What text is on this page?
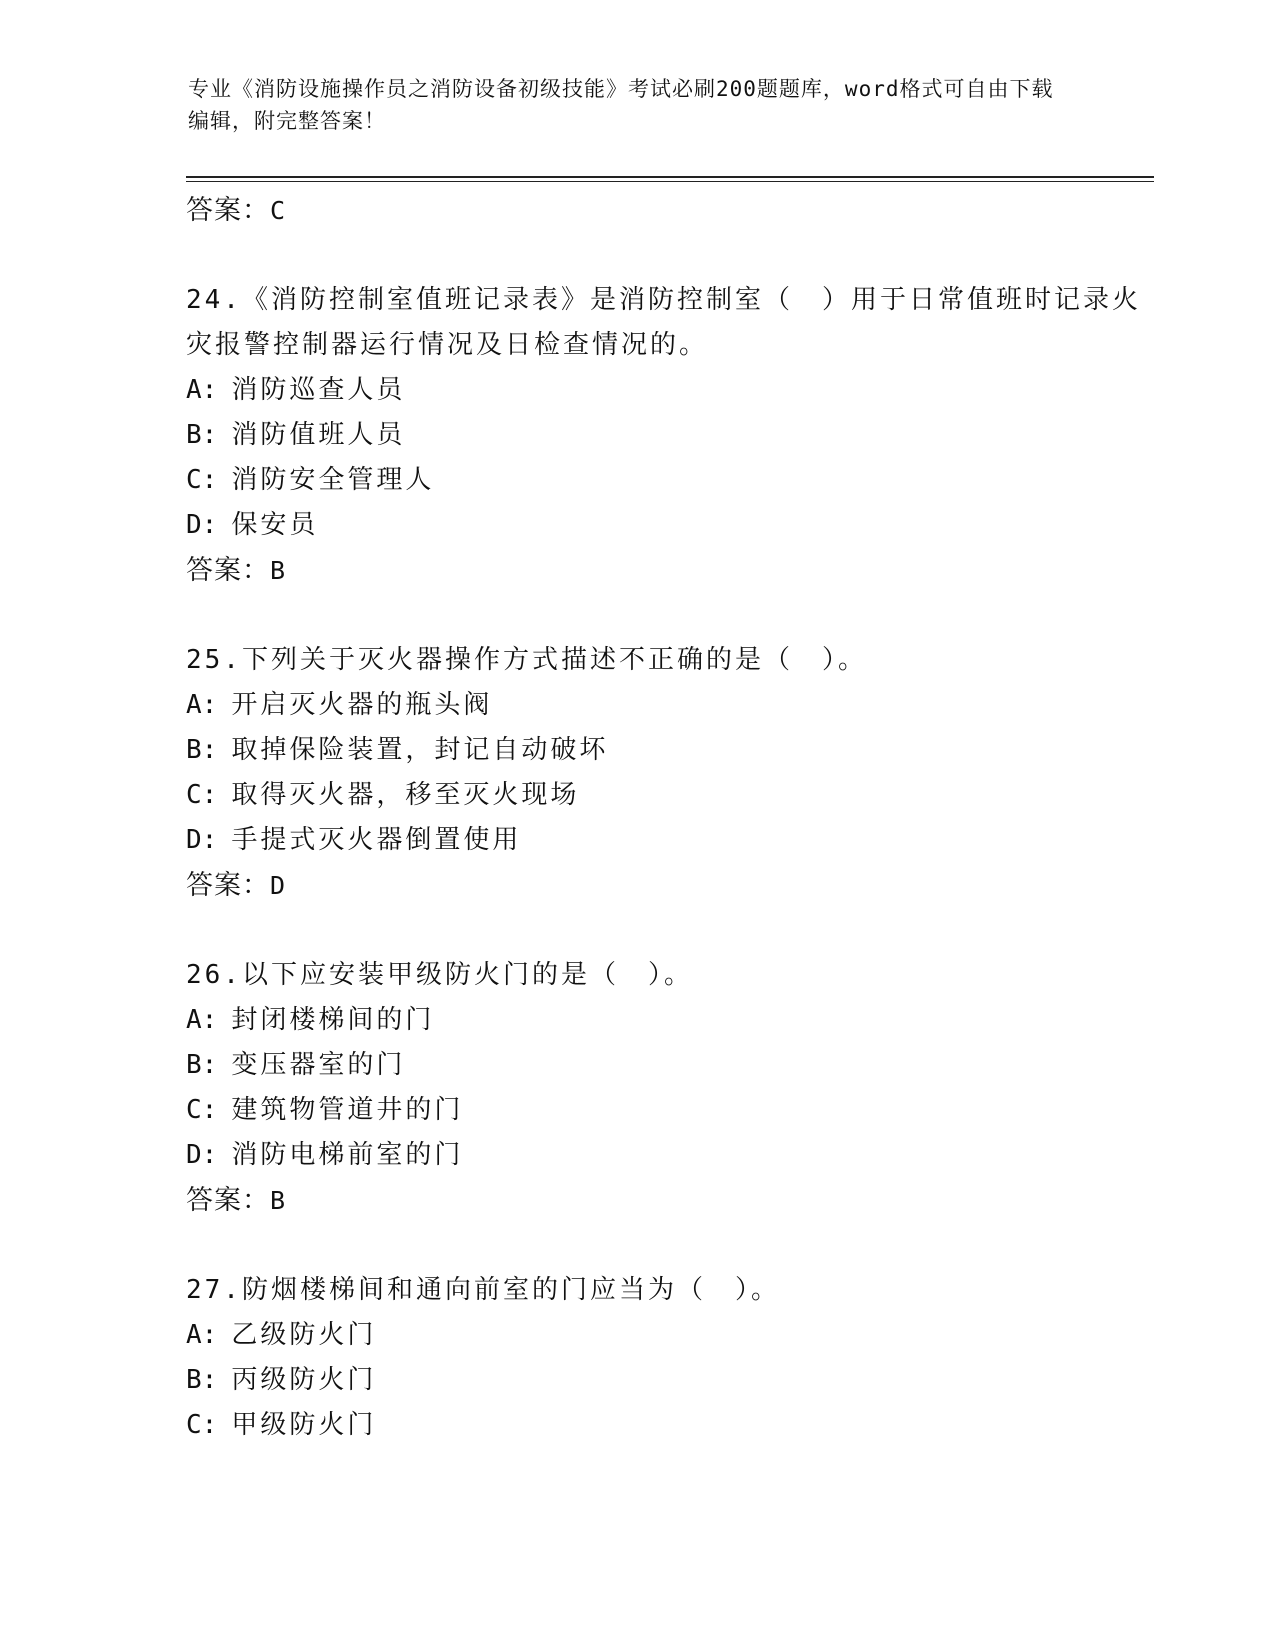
专业《消防设施操作员之消防设备初级技能》考试必刷200题题库，word格式可自由下载编辑，附完整答案！
答案：C
24.《消防控制室值班记录表》是消防控制室（　）用于日常值班时记录火灾报警控制器运行情况及日检查情况的。
A: 消防巡查人员
B: 消防值班人员
C: 消防安全管理人
D: 保安员
答案：B
25.下列关于灭火器操作方式描述不正确的是（　）。
A: 开启灭火器的瓶头阀
B: 取掉保险装置，封记自动破坏
C: 取得灭火器，移至灭火现场
D: 手提式灭火器倒置使用
答案：D
26.以下应安装甲级防火门的是（　）。
A: 封闭楼梯间的门
B: 变压器室的门
C: 建筑物管道井的门
D: 消防电梯前室的门
答案：B
27.防烟楼梯间和通向前室的门应当为（　）。
A: 乙级防火门
B: 丙级防火门
C: 甲级防火门
